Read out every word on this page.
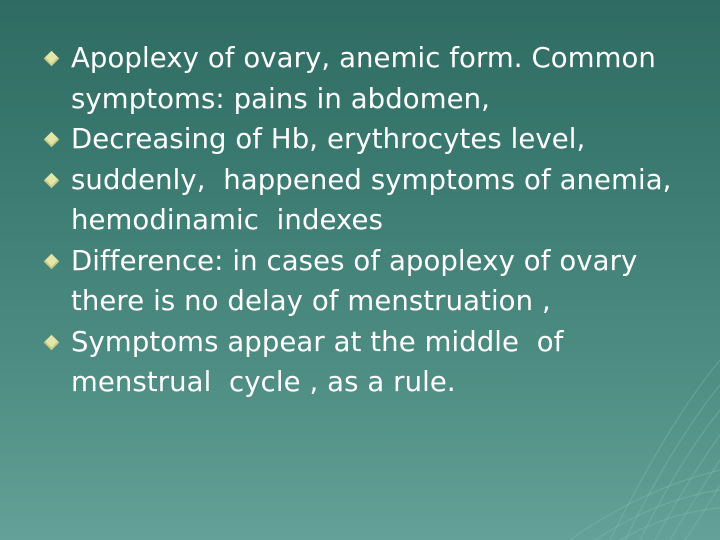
Apoplexy of ovary, anemic form. Common symptoms: pains in abdomen,
Decreasing of Hb, erythrocytes level,
suddenly,  happened symptoms of anemia, hemodinamic  indexes
Difference: in cases of apoplexy of ovary there is no delay of menstruation ,
Symptoms appear at the middle  of menstrual  cycle , as a rule.
